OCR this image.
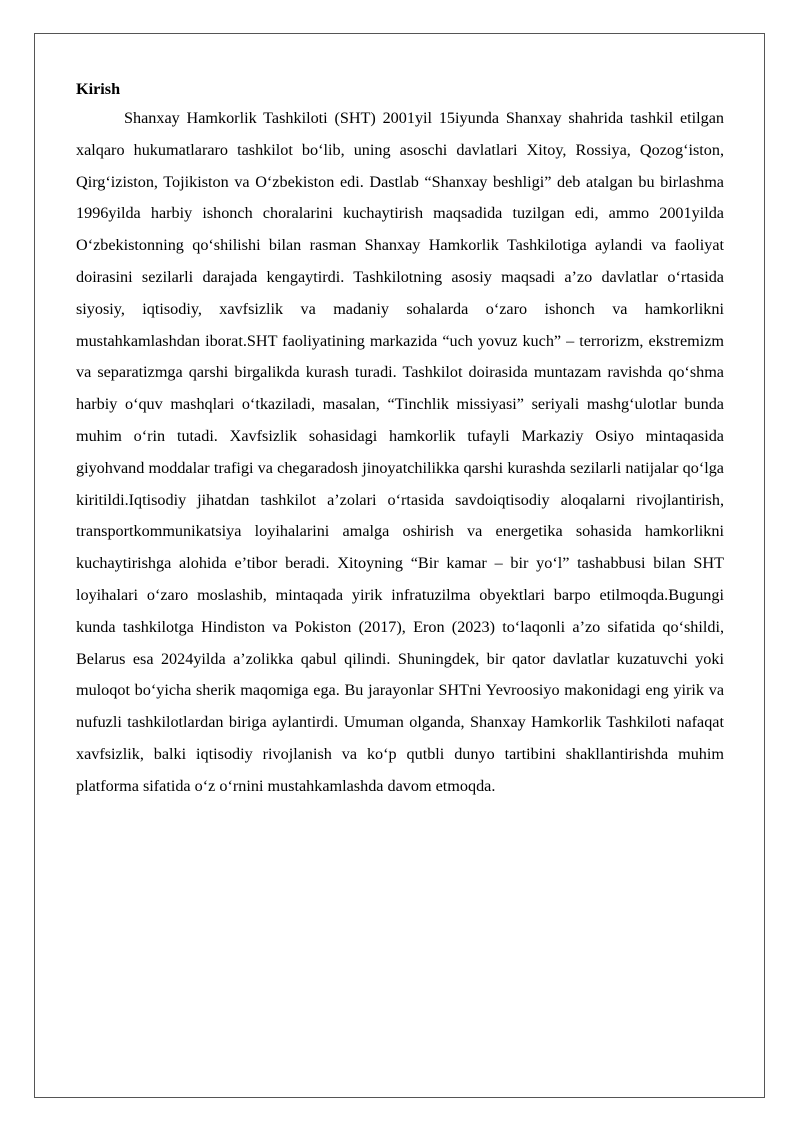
Kirish

Shanxay Hamkorlik Tashkiloti (SHT) 2001yil 15iyunda Shanxay shahrida tashkil etilgan xalqaro hukumatlararo tashkilot bo‘lib, uning asoschi davlatlari Xitoy, Rossiya, Qozog‘iston, Qirg‘iziston, Tojikiston va O‘zbekiston edi. Dastlab “Shanxay beshligi” deb atalgan bu birlashma 1996yilda harbiy ishonch choralarini kuchaytirish maqsadida tuzilgan edi, ammo 2001yilda O‘zbekistonning qo‘shilishi bilan rasman Shanxay Hamkorlik Tashkilotiga aylandi va faoliyat doirasini sezilarli darajada kengaytirdi. Tashkilotning asosiy maqsadi a’zo davlatlar o‘rtasida siyosiy, iqtisodiy, xavfsizlik va madaniy sohalarda o‘zaro ishonch va hamkorlikni mustahkamlashdan iborat.SHT faoliyatining markazida “uch yovuz kuch” – terrorizm, ekstremizm va separatizmga qarshi birgalikda kurash turadi. Tashkilot doirasida muntazam ravishda qo‘shma harbiy o‘quv mashqlari o‘tkaziladi, masalan, “Tinchlik missiyasi” seriyali mashg‘ulotlar bunda muhim o‘rin tutadi. Xavfsizlik sohasidagi hamkorlik tufayli Markaziy Osiyo mintaqasida giyohvand moddalar trafigi va chegaradosh jinoyatchilikka qarshi kurashda sezilarli natijalar qo‘lga kiritildi.Iqtisodiy jihatdan tashkilot a’zolari o‘rtasida savdoiqtisodiy aloqalarni rivojlantirish, transportkommunikatsiya loyihalarini amalga oshirish va energetika sohasida hamkorlikni kuchaytirishga alohida e’tibor beradi. Xitoyning “Bir kamar – bir yo‘l” tashabbusi bilan SHT loyihalari o‘zaro moslashib, mintaqada yirik infratuzilma obyektlari barpo etilmoqda.Bugungi kunda tashkilotga Hindiston va Pokiston (2017), Eron (2023) to‘laqonli a’zo sifatida qo‘shildi, Belarus esa 2024yilda a’zolikka qabul qilindi. Shuningdek, bir qator davlatlar kuzatuvchi yoki muloqot bo‘yicha sherik maqomiga ega. Bu jarayonlar SHTni Yevroosiyo makonidagi eng yirik va nufuzli tashkilotlardan biriga aylantirdi. Umuman olganda, Shanxay Hamkorlik Tashkiloti nafaqat xavfsizlik, balki iqtisodiy rivojlanish va ko‘p qutbli dunyo tartibini shakllantirishda muhim platforma sifatida o‘z o‘rnini mustahkamlashda davom etmoqda.
